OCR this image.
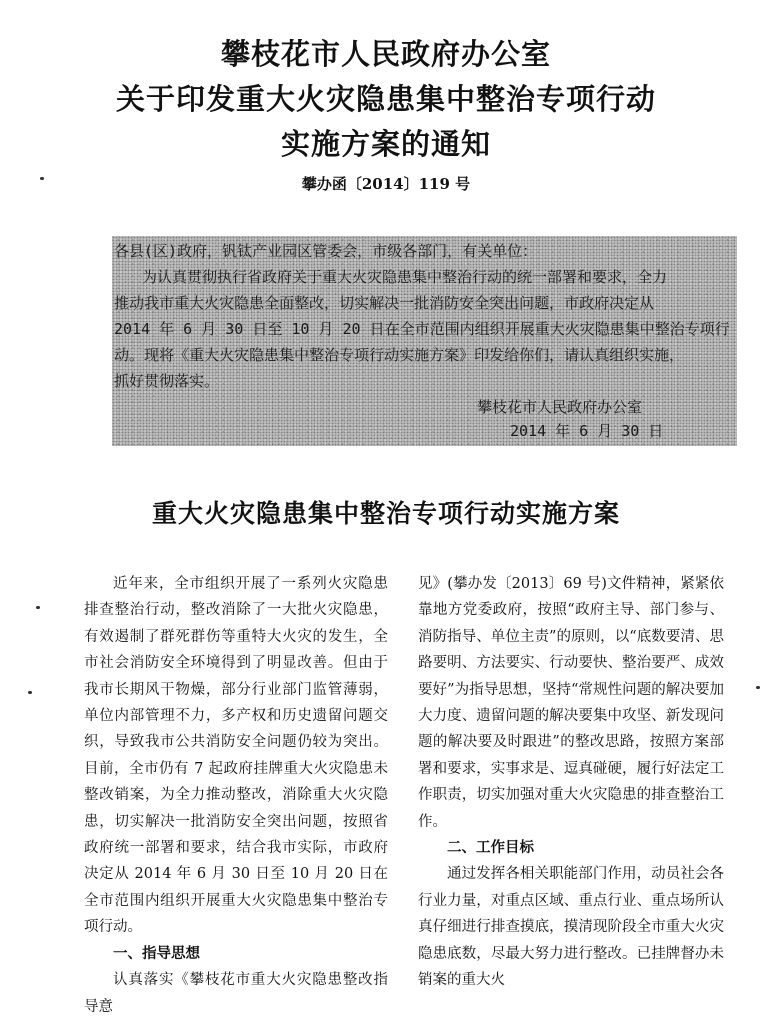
攀枝花市人民政府办公室
关于印发重大火灾隐患集中整治专项行动
实施方案的通知
攀办函〔2014〕119 号
各县(区)政府，钒钛产业园区管委会，市级各部门，有关单位：
为认真贯彻执行省政府关于重大火灾隐患集中整治行动的统一部署和要求，全力
推动我市重大火灾隐患全面整改，切实解决一批消防安全突出问题，市政府决定从
2014 年 6 月 30 日至 10 月 20 日在全市范围内组织开展重大火灾隐患集中整治专项行
动。现将《重大火灾隐患集中整治专项行动实施方案》印发给你们，请认真组织实施，
抓好贯彻落实。
攀枝花市人民政府办公室
2014 年 6 月 30 日
重大火灾隐患集中整治专项行动实施方案

近年来，全市组织开展了一系列火灾隐患排查整治行动，整改消除了一大批火灾隐患，有效遏制了群死群伤等重特大火灾的发生，全市社会消防安全环境得到了明显改善。但由于我市长期风干物燥，部分行业部门监管薄弱，单位内部管理不力，多产权和历史遗留问题交织，导致我市公共消防安全问题仍较为突出。目前，全市仍有 7 起政府挂牌重大火灾隐患未整改销案，为全力推动整改，消除重大火灾隐患，切实解决一批消防安全突出问题，按照省政府统一部署和要求，结合我市实际，市政府决定从 2014 年 6 月 30 日至 10 月 20 日在全市范围内组织开展重大火灾隐患集中整治专项行动。

一、指导思想

认真落实《攀枝花市重大火灾隐患整改指导意

见》(攀办发〔2013〕69 号)文件精神，紧紧依靠地方党委政府，按照“政府主导、部门参与、消防指导、单位主责”的原则，以“底数要清、思路要明、方法要实、行动要快、整治要严、成效要好”为指导思想，坚持“常规性问题的解决要加大力度、遗留问题的解决要集中攻坚、新发现问题的解决要及时跟进”的整改思路，按照方案部署和要求，实事求是、逗真碰硬，履行好法定工作职责，切实加强对重大火灾隐患的排查整治工作。

二、工作目标

通过发挥各相关职能部门作用，动员社会各行业力量，对重点区域、重点行业、重点场所认真仔细进行排查摸底，摸清现阶段全市重大火灾隐患底数，尽最大努力进行整改。已挂牌督办未销案的重大火
